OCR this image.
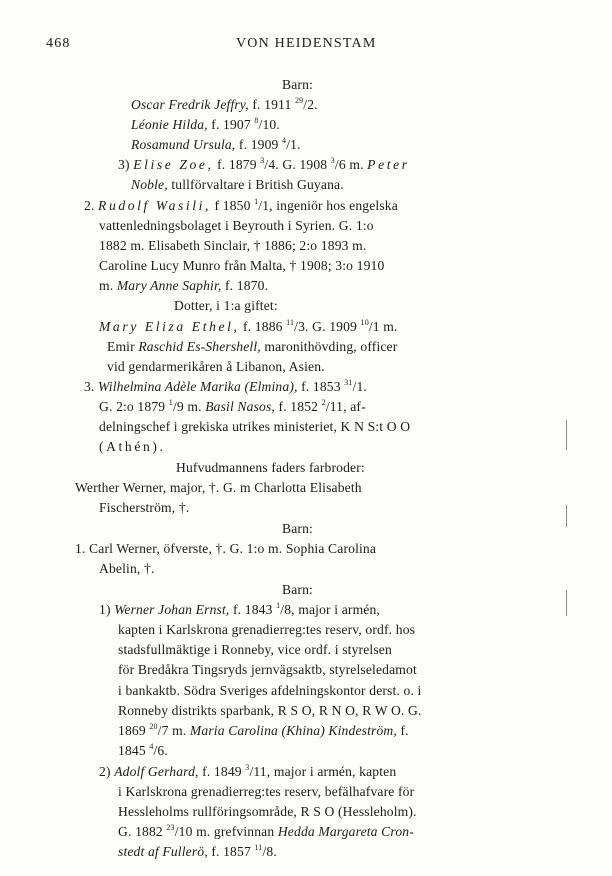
468	VON HEIDENSTAM
Barn:
Oscar Fredrik Jeffry, f. 1911 $^{29}$/2.
Léonie Hilda, f. 1907 $^8$/10.
Rosamund Ursula, f. 1909 $^4$/1.
3) Elise Zoe, f. 1879 $^3$/4. G. 1908 $^3$/6 m. Peter
Noble, tullförvaltare i British Guyana.
2. Rudolf Wasili, f 1850 $^1$/1, ingeniör hos engelska
vattenledningsbolaget i Beyrouth i Syrien. G. 1:o
1882 m. Elisabeth Sinclair, † 1886; 2:o 1893 m.
Caroline Lucy Munro från Malta, † 1908; 3:o 1910
m. Mary Anne Saphir, f. 1870.
Dotter, i 1:a giftet:
Mary Eliza Ethel, f. 1886 $^{11}$/3. G. 1909 $^{10}$/1 m.
Emir Raschid Es-Shershell, maronithövding, officer
vid gendarmerikåren å Libanon, Asien.
3. Wilhelmina Adèle Marika (Elmina), f. 1853 $^{31}$/1.
G. 2:o 1879 $^1$/9 m. Basil Nasos, f. 1852 $^2$/11, af-
delningschef i grekiska utrikes ministeriet, K N S:t O O
(Athén).
Hufvudmannens faders farbroder:
Werther Werner, major, †. G. m Charlotta Elisabeth
Fischerström, †.
Barn:
1. Carl Werner, öfverste, †. G. 1:o m. Sophia Carolina
Abelin, †.
Barn:
1) Werner Johan Ernst, f. 1843 $^1$/8, major i armén,
kapten i Karlskrona grenadierreg:tes reserv, ordf. hos
stadsfullmäktige i Ronneby, vice ordf. i styrelsen
för Bredåkra Tingsryds jernvägsaktb, styrelseledamot
i bankaktb. Södra Sveriges afdelningskontor derst. o. i
Ronneby distrikts sparbank, R S O, R N O, R W O. G.
1869 $^{20}$/7 m. Maria Carolina (Khina) Kindeström, f.
1845 $^4$/6.
2) Adolf Gerhard, f. 1849 $^3$/11, major i armén, kapten
i Karlskrona grenadierreg:tes reserv, befälhafvare för
Hessleholms rullföringsområde, R S O (Hessleholm).
G. 1882 $^{23}$/10 m. grefvinnan Hedda Margareta Cron-
stedt af Fullerö, f. 1857 $^{11}$/8.
